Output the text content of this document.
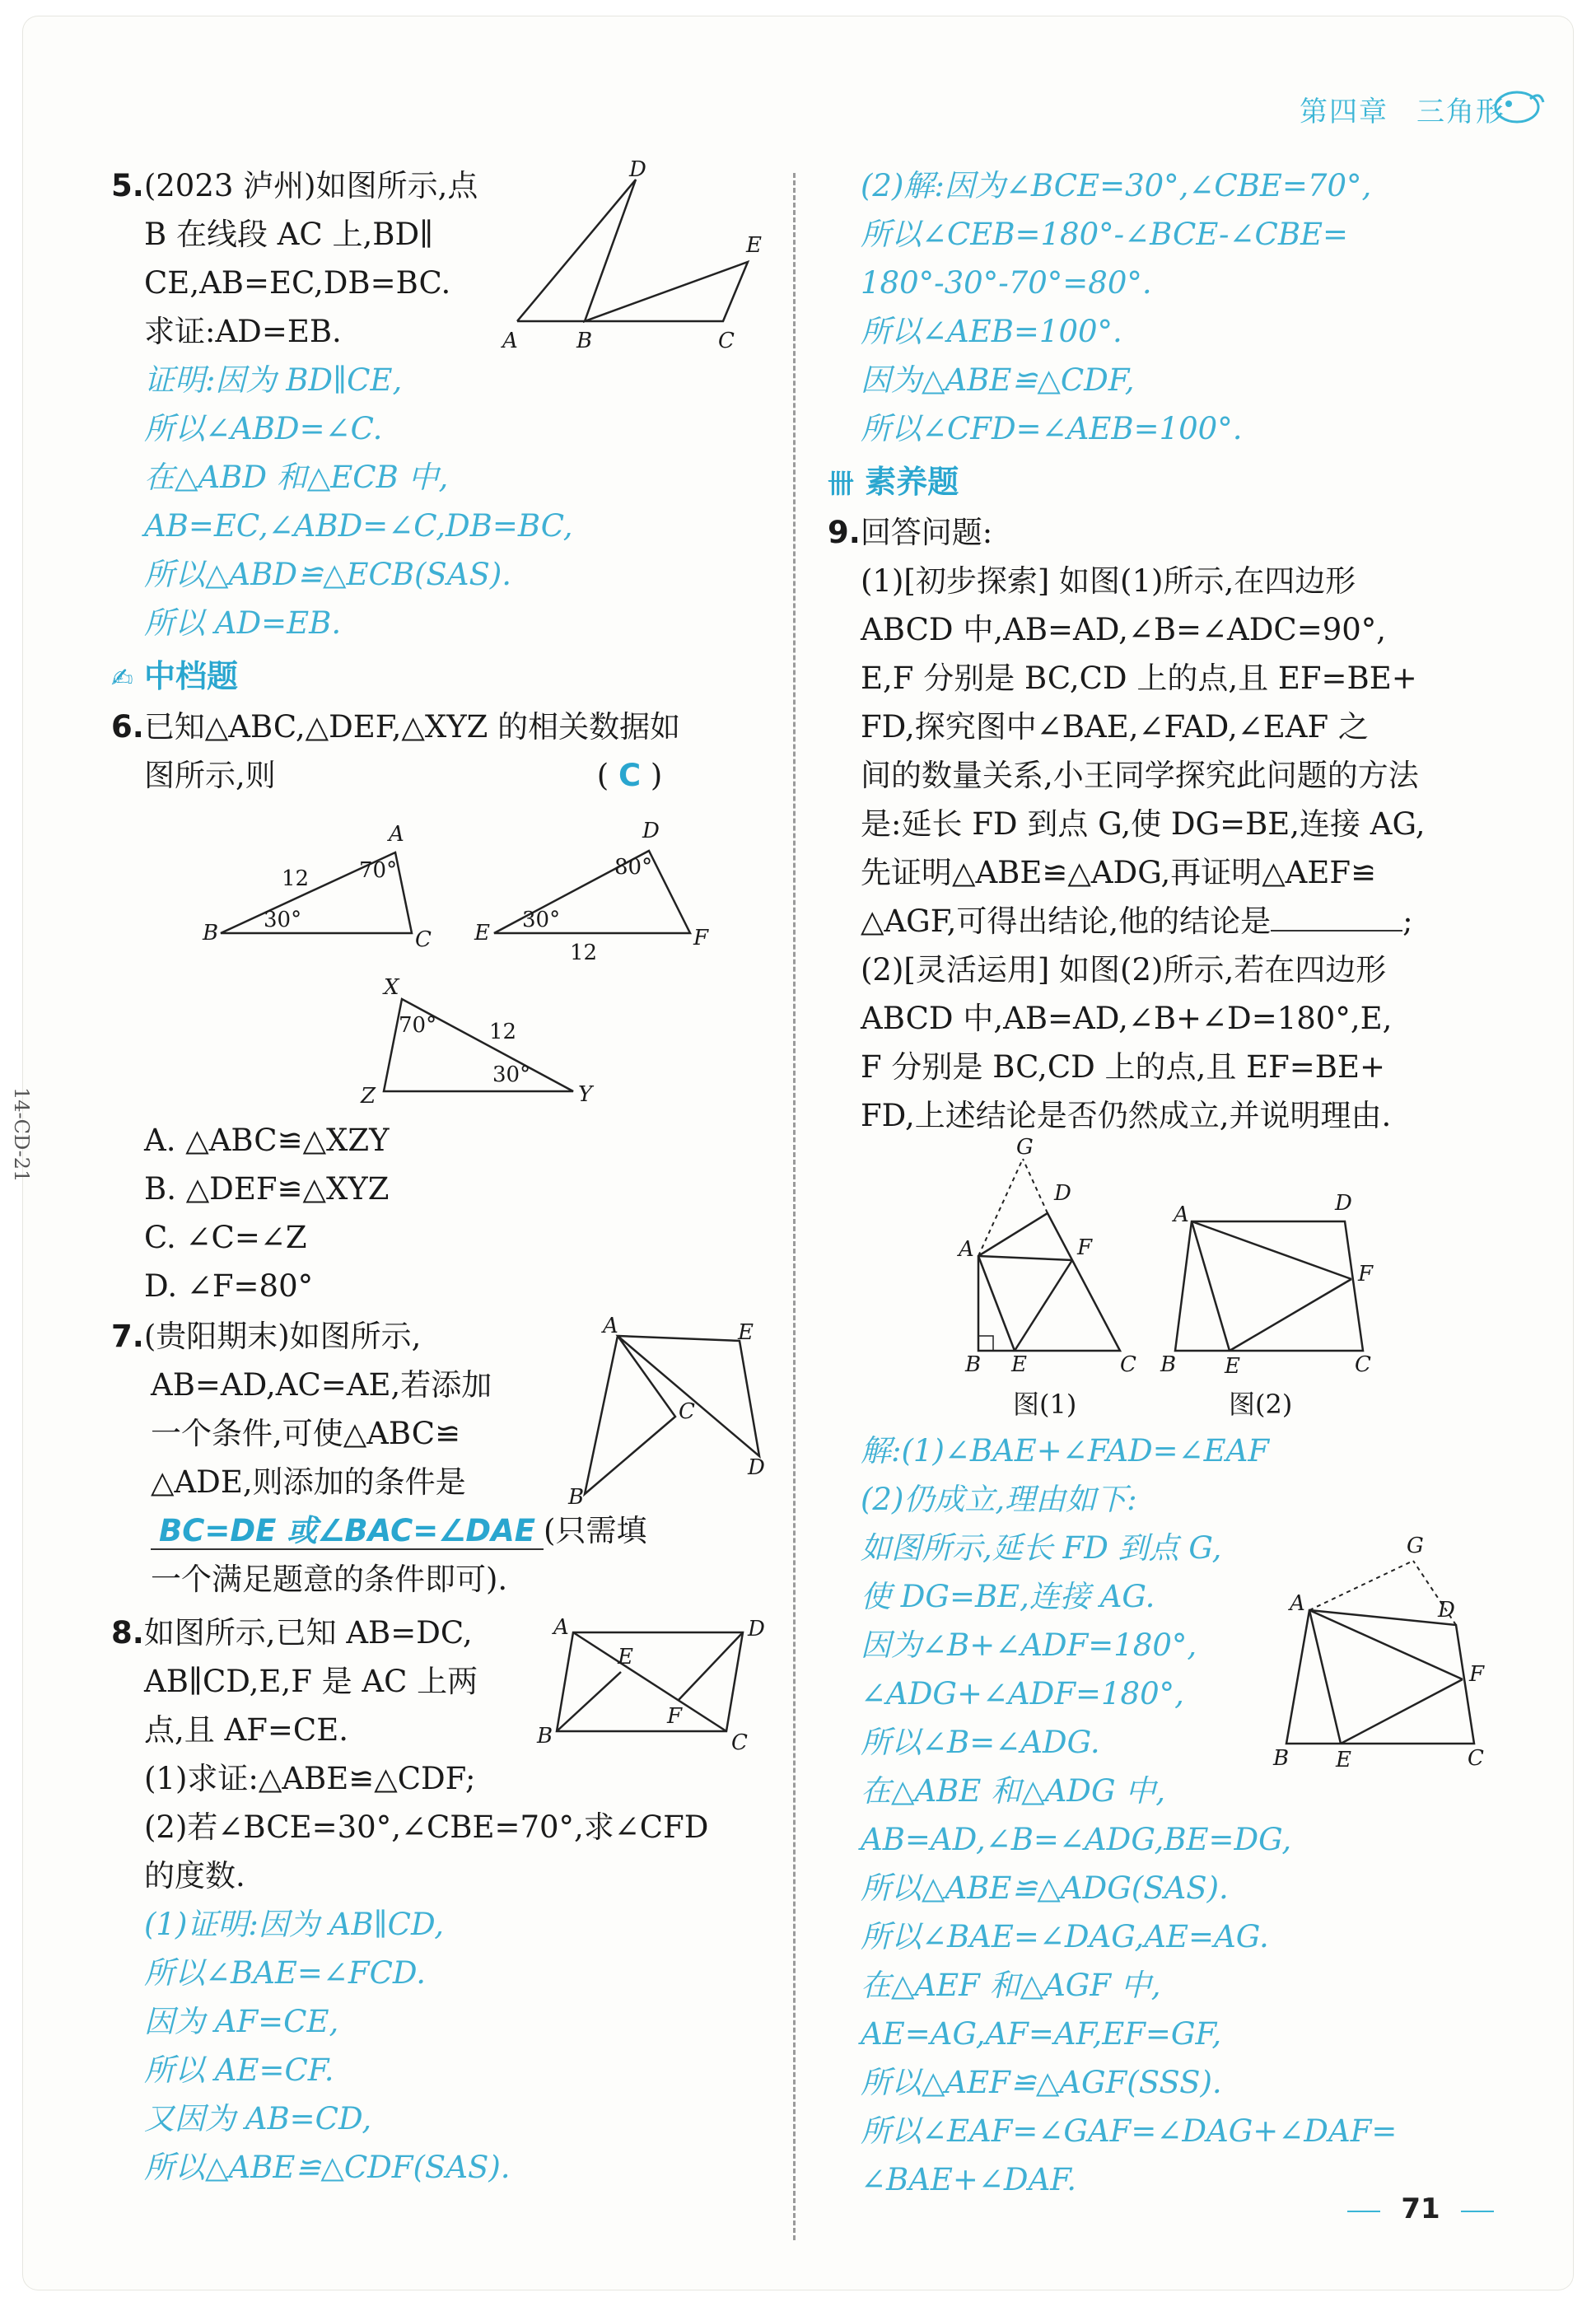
第四章 三角形
14-CD-21

5.(2023 泸州)如图所示,点

B 在线段 AC 上,BD∥

CE,AB=EC,DB=BC.

求证:AD=EB.

证明:因为 BD∥CE,

所以∠ABD=∠C.

在△ABD 和△ECB 中,

AB=EC,∠ABD=∠C,DB=BC,

所以△ABD≌△ECB(SAS).

所以 AD=EB.

A	B	C
D
E

✍ 中档题

6.已知△ABC,△DEF,△XYZ 的相关数据如

图所示,则	( C )

B
A
C
12 70°
30°
E
D
F
80°
30°
12
X
Y
Z
70° 12
30°

A. △ABC≌△XZY

B. △DEF≌△XYZ

C. ∠C=∠Z

D. ∠F=80°

7.(贵阳期末)如图所示,

AB=AD,AC=AE,若添加

一个条件,可使△ABC≌

△ADE,则添加的条件是

BC=DE 或∠BAC=∠DAE (只需填

一个满足题意的条件即可).

A
B
C
D
E

8.如图所示,已知 AB=DC,

AB∥CD,E,F 是 AC 上两

点,且 AF=CE.

(1)求证:△ABE≌△CDF;

(2)若∠BCE=30°,∠CBE=70°,求∠CFD

的度数.

(1)证明:因为 AB∥CD,

所以∠BAE=∠FCD.

因为 AF=CE,

所以 AE=CF.

又因为 AB=CD,

所以△ABE≌△CDF(SAS).

A
B	C
D
E
F

(2)解:因为∠BCE=30°,∠CBE=70°,

所以∠CEB=180°-∠BCE-∠CBE=

180°-30°-70°=80°.

所以∠AEB=100°.

因为△ABE≌△CDF,

所以∠CFD=∠AEB=100°.

卌 素养题

9.回答问题:

(1)[初步探索] 如图(1)所示,在四边形

ABCD 中,AB=AD,∠B=∠ADC=90°,

E,F 分别是 BC,CD 上的点,且 EF=BE+

FD,探究图中∠BAE,∠FAD,∠EAF 之

间的数量关系,小王同学探究此问题的方法

是:延长 FD 到点 G,使 DG=BE,连接 AG,

先证明△ABE≌△ADG,再证明△AEF≌

△AGF,可得出结论,他的结论是	;

(2)[灵活运用] 如图(2)所示,若在四边形

ABCD 中,AB=AD,∠B+∠D=180°,E,

F 分别是 BC,CD 上的点,且 EF=BE+

FD,上述结论是否仍然成立,并说明理由.

G
D
A	F
B E	C
图(1)
A	D
F
B E	C
图(2)

解:(1)∠BAE+∠FAD=∠EAF

(2)仍成立,理由如下:

如图所示,延长 FD 到点 G,

使 DG=BE,连接 AG.

因为∠B+∠ADF=180°,

∠ADG+∠ADF=180°,

所以∠B=∠ADG.

在△ABE 和△ADG 中,

AB=AD,∠B=∠ADG,BE=DG,

所以△ABE≌△ADG(SAS).

所以∠BAE=∠DAG,AE=AG.

在△AEF 和△AGF 中,

AE=AG,AF=AF,EF=GF,

所以△AEF≌△AGF(SSS).

所以∠EAF=∠GAF=∠DAG+∠DAF=

∠BAE+∠DAF.

G
A	D
F
B E	C
71
